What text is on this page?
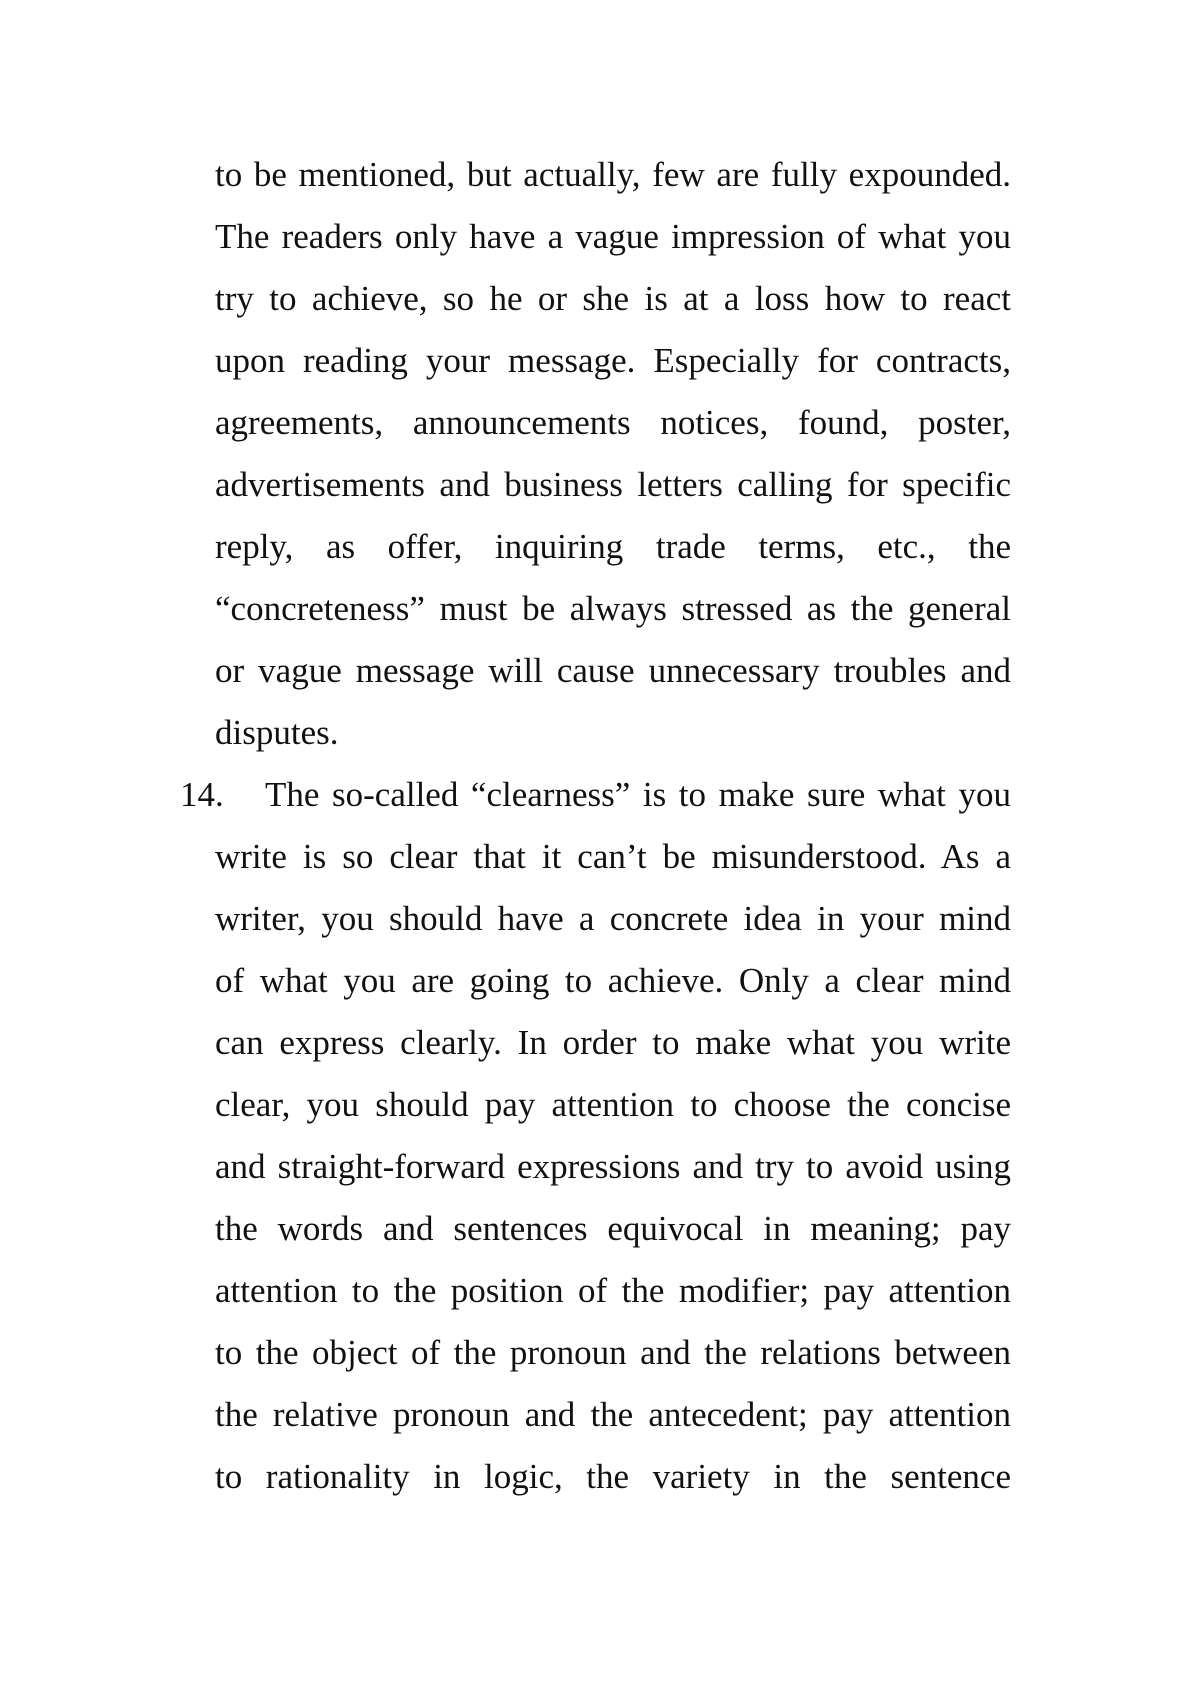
to be mentioned, but actually, few are fully expounded.
The readers only have a vague impression of what you
try to achieve, so he or she is at a loss how to react
upon reading your message. Especially for contracts,
agreements, announcements notices, found, poster,
advertisements and business letters calling for specific
reply, as offer, inquiring trade terms, etc., the
“concreteness” must be always stressed as the general
or vague message will cause unnecessary troubles and
disputes.
14. The so-called “clearness” is to make sure what you
write is so clear that it can’t be misunderstood. As a
writer, you should have a concrete idea in your mind
of what you are going to achieve. Only a clear mind
can express clearly. In order to make what you write
clear, you should pay attention to choose the concise
and straight-forward expressions and try to avoid using
the words and sentences equivocal in meaning; pay
attention to the position of the modifier; pay attention
to the object of the pronoun and the relations between
the relative pronoun and the antecedent; pay attention
to rationality in logic, the variety in the sentence
